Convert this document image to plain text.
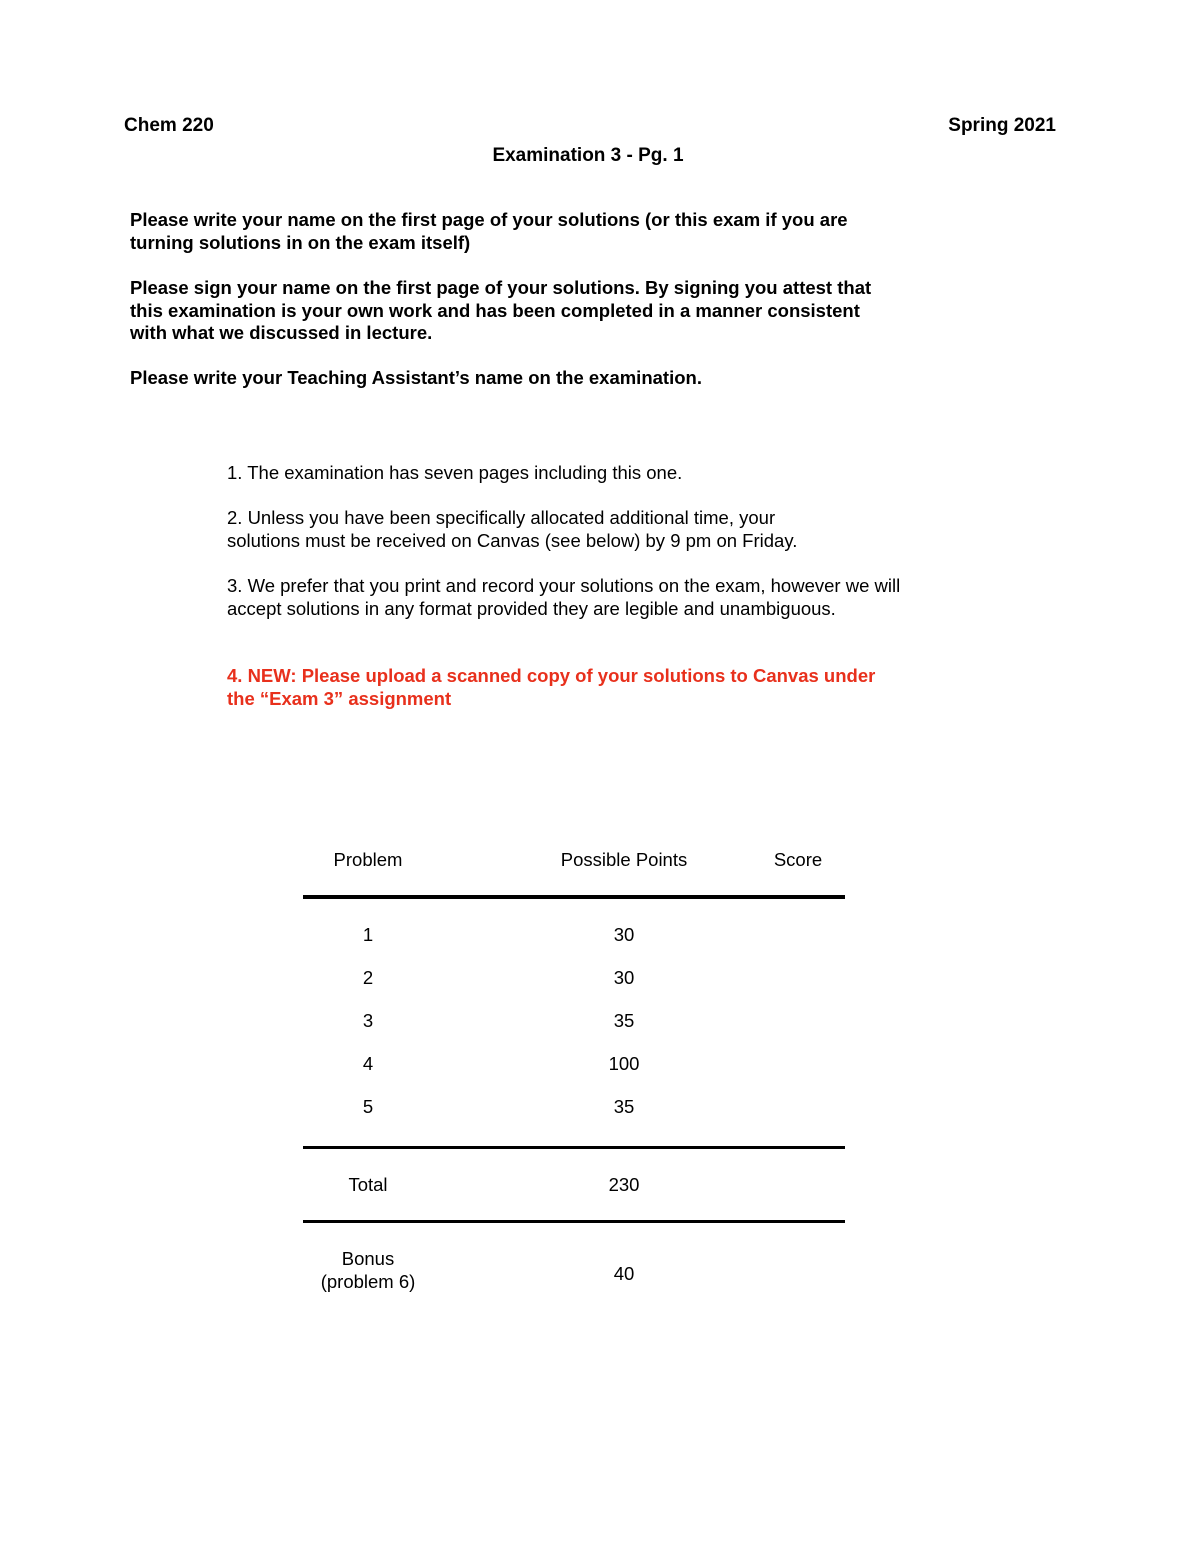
Chem 220	Spring 2021
Examination 3 - Pg. 1
Please write your name on the first page of your solutions (or this exam if you are turning solutions in on the exam itself)
Please sign your name on the first page of your solutions. By signing you attest that this examination is your own work and has been completed in a manner consistent with what we discussed in lecture.
Please write your Teaching Assistant’s name on the examination.
1. The examination has seven pages including this one.
2. Unless you have been specifically allocated additional time, your solutions must be received on Canvas (see below) by 9 pm on Friday.
3. We prefer that you print and record your solutions on the exam, however we will accept solutions in any format provided they are legible and unambiguous.
4. NEW: Please upload a scanned copy of your solutions to Canvas under the “Exam 3” assignment
Problem	Possible Points	Score
1	30
2	30
3	35
4	100
5	35
Total	230
Bonus
(problem 6)	40
